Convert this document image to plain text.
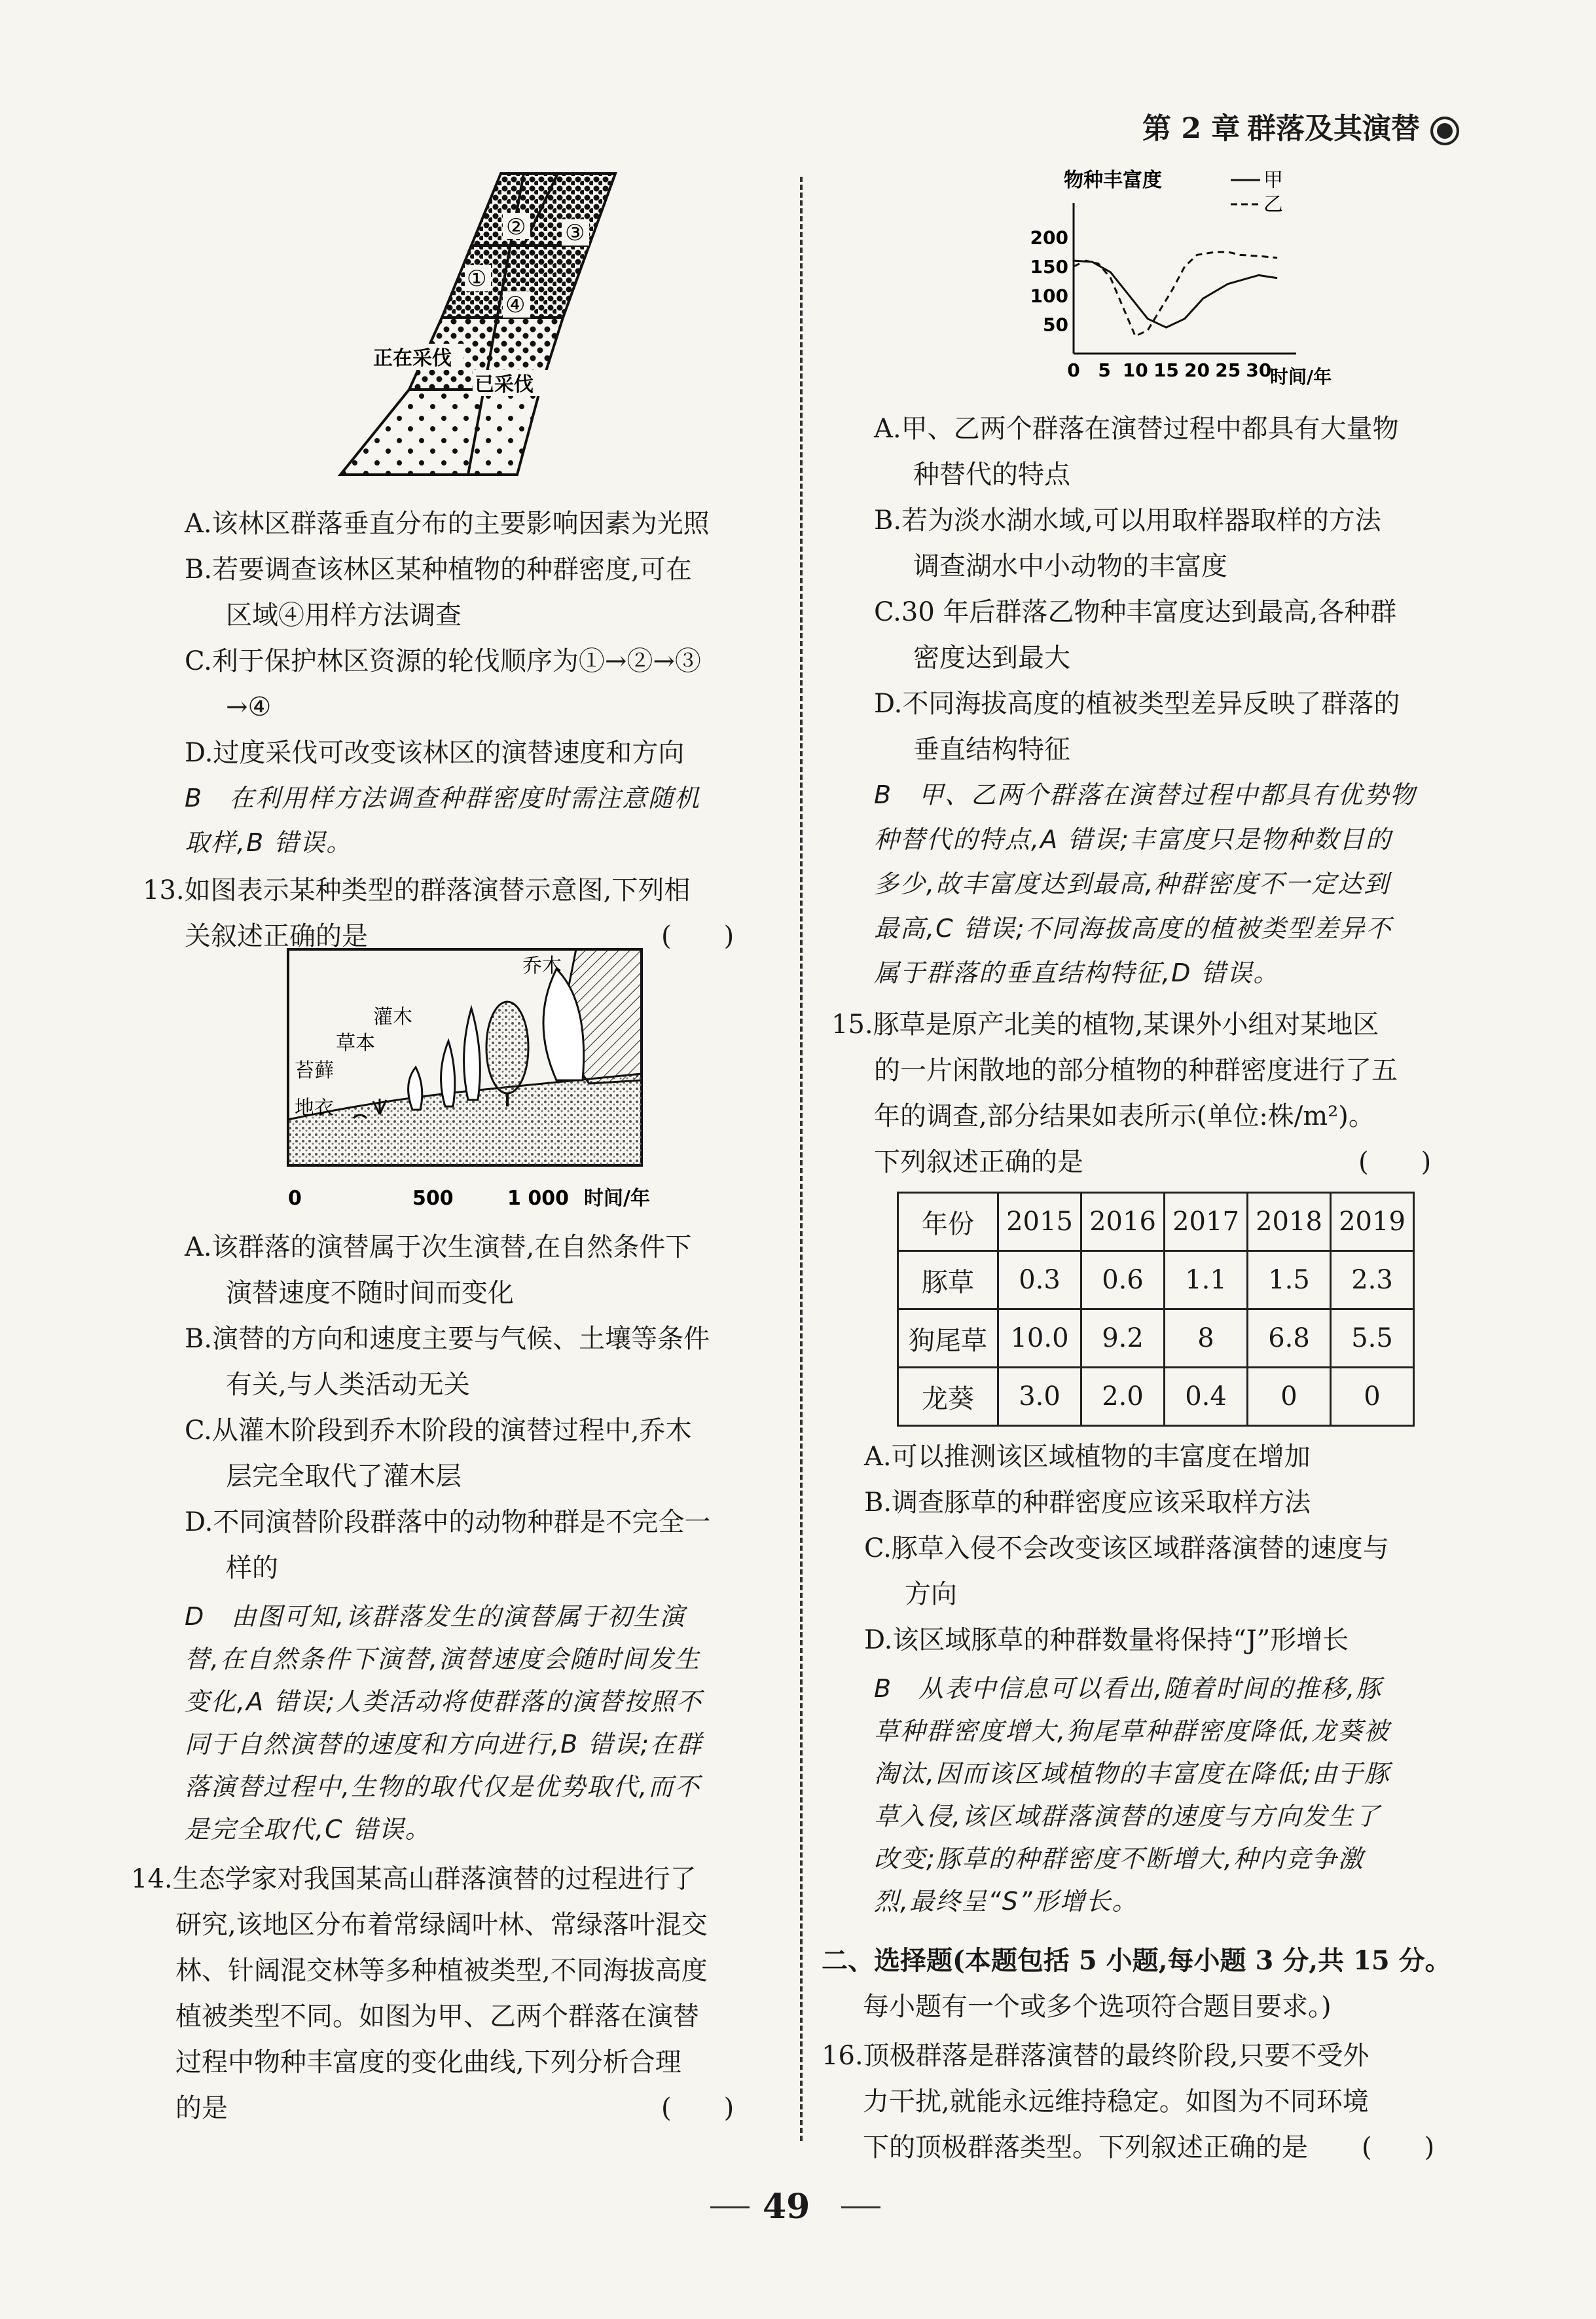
第 2 章 群落及其演替
② ③
①
④
正在采伐
已采伐
A.该林区群落垂直分布的主要影响因素为光照
B.若要调查该林区某种植物的种群密度,可在
区域④用样方法调查
C.利于保护林区资源的轮伐顺序为①→②→③
→④
D.过度采伐可改变该林区的演替速度和方向
B　在利用样方法调查种群密度时需注意随机
取样,B 错误。
13.如图表示某种类型的群落演替示意图,下列相
关叙述正确的是	(　　)
乔木
灌木
草本
苔藓
地衣
0	500	1 000 时间/年
A.该群落的演替属于次生演替,在自然条件下
演替速度不随时间而变化
B.演替的方向和速度主要与气候、土壤等条件
有关,与人类活动无关
C.从灌木阶段到乔木阶段的演替过程中,乔木
层完全取代了灌木层
D.不同演替阶段群落中的动物种群是不完全一
样的
D　由图可知,该群落发生的演替属于初生演
替,在自然条件下演替,演替速度会随时间发生
变化,A 错误;人类活动将使群落的演替按照不
同于自然演替的速度和方向进行,B 错误;在群
落演替过程中,生物的取代仅是优势取代,而不
是完全取代,C 错误。
14.生态学家对我国某高山群落演替的过程进行了
研究,该地区分布着常绿阔叶林、常绿落叶混交
林、针阔混交林等多种植被类型,不同海拔高度
植被类型不同。如图为甲、乙两个群落在演替
过程中物种丰富度的变化曲线,下列分析合理
的是	(　　)
物种丰富度	甲
乙
时间/年
50
100
150
200
0 5 10 15 20 25 30
A.甲、乙两个群落在演替过程中都具有大量物
种替代的特点
B.若为淡水湖水域,可以用取样器取样的方法
调查湖水中小动物的丰富度
C.30 年后群落乙物种丰富度达到最高,各种群
密度达到最大
D.不同海拔高度的植被类型差异反映了群落的
垂直结构特征
B　甲、乙两个群落在演替过程中都具有优势物
种替代的特点,A 错误;丰富度只是物种数目的
多少,故丰富度达到最高,种群密度不一定达到
最高,C 错误;不同海拔高度的植被类型差异不
属于群落的垂直结构特征,D 错误。
15.豚草是原产北美的植物,某课外小组对某地区
的一片闲散地的部分植物的种群密度进行了五
年的调查,部分结果如表所示(单位:株/m²)。
下列叙述正确的是	(　　)
年份	2015	2016	2017	2018	2019
豚草	0.3	0.6	1.1	1.5	2.3
狗尾草	10.0	9.2	8	6.8	5.5
龙葵	3.0	2.0	0.4	0	0
A.可以推测该区域植物的丰富度在增加
B.调查豚草的种群密度应该采取样方法
C.豚草入侵不会改变该区域群落演替的速度与
方向
D.该区域豚草的种群数量将保持“J”形增长
B　从表中信息可以看出,随着时间的推移,豚
草种群密度增大,狗尾草种群密度降低,龙葵被
淘汰,因而该区域植物的丰富度在降低;由于豚
草入侵,该区域群落演替的速度与方向发生了
改变;豚草的种群密度不断增大,种内竞争激
烈,最终呈“S”形增长。
二、选择题(本题包括 5 小题,每小题 3 分,共 15 分。
每小题有一个或多个选项符合题目要求。)
16.顶极群落是群落演替的最终阶段,只要不受外
力干扰,就能永远维持稳定。如图为不同环境
下的顶极群落类型。下列叙述正确的是 (　　)
49
